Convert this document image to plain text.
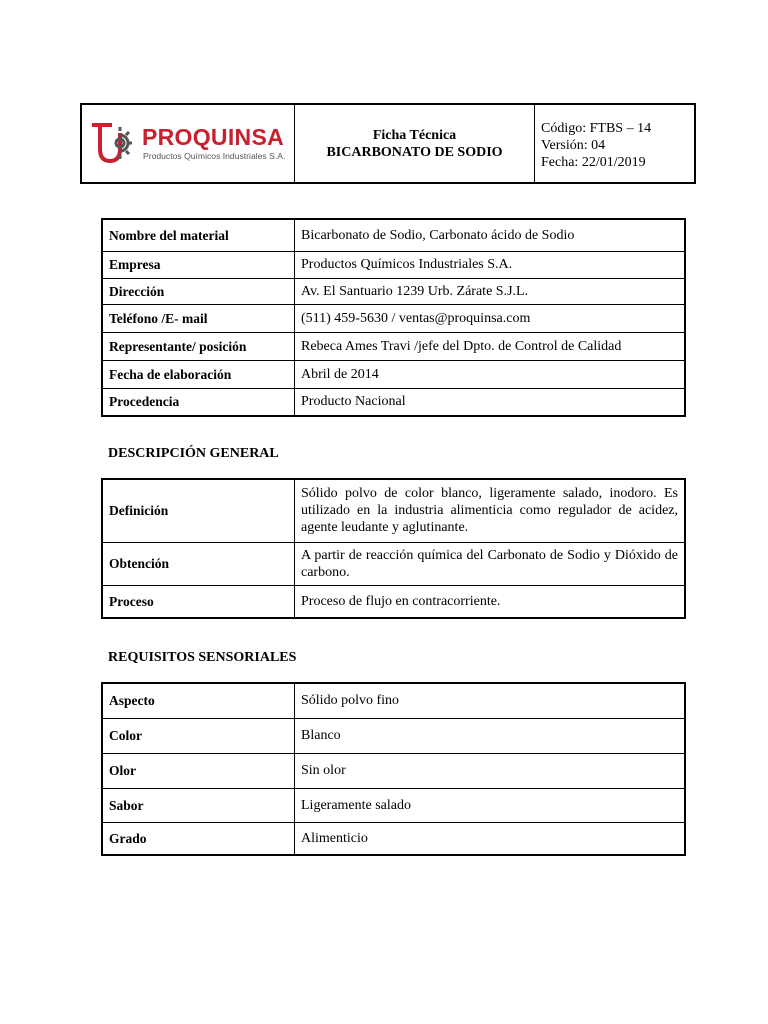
PROQUINSA
Productos Químicos Industriales S.A.
Ficha Técnica
BICARBONATO DE SODIO
Código: FTBS – 14
Versión: 04
Fecha: 22/01/2019
Nombre del material	Bicarbonato de Sodio, Carbonato ácido de Sodio
Empresa	Productos Químicos Industriales S.A.
Dirección	Av. El Santuario 1239 Urb. Zárate S.J.L.
Teléfono /E- mail	(511) 459-5630 / ventas@proquinsa.com
Representante/ posición	Rebeca Ames Travi /jefe del Dpto. de Control de Calidad
Fecha de elaboración	Abril de 2014
Procedencia	Producto Nacional
DESCRIPCIÓN GENERAL
Definición	Sólido polvo de color blanco, ligeramente salado, inodoro. Es utilizado en la industria alimenticia como regulador de acidez, agente leudante y aglutinante.
Obtención	A partir de reacción química del Carbonato de Sodio y Dióxido de carbono.
Proceso	Proceso de flujo en contracorriente.
REQUISITOS SENSORIALES
Aspecto	Sólido polvo fino
Color	Blanco
Olor	Sin olor
Sabor	Ligeramente salado
Grado	Alimenticio
